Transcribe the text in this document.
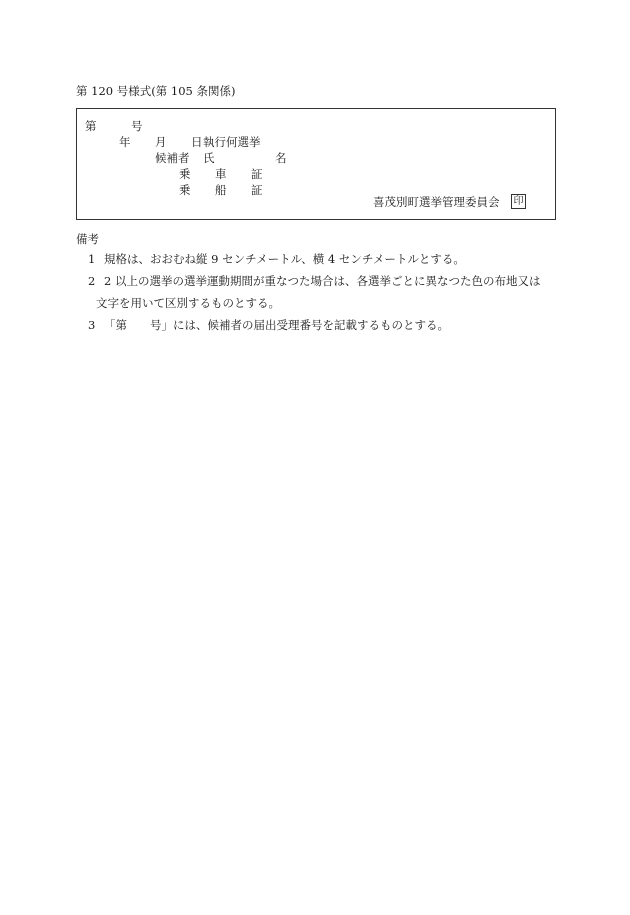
第 120 号様式(第 105 条関係)
第	号
年 月 日 執行何選挙
候補者 氏	名
乗 車 証
乗 船 証
喜茂別町選挙管理委員会 印
備考
1 規格は、おおむね縦 9 センチメートル、横 4 センチメートルとする。
2 2 以上の選挙の選挙運動期間が重なつた場合は、各選挙ごとに異なつた色の布地又は
文字を用いて区別するものとする。
3 「第　　号」には、候補者の届出受理番号を記載するものとする。
